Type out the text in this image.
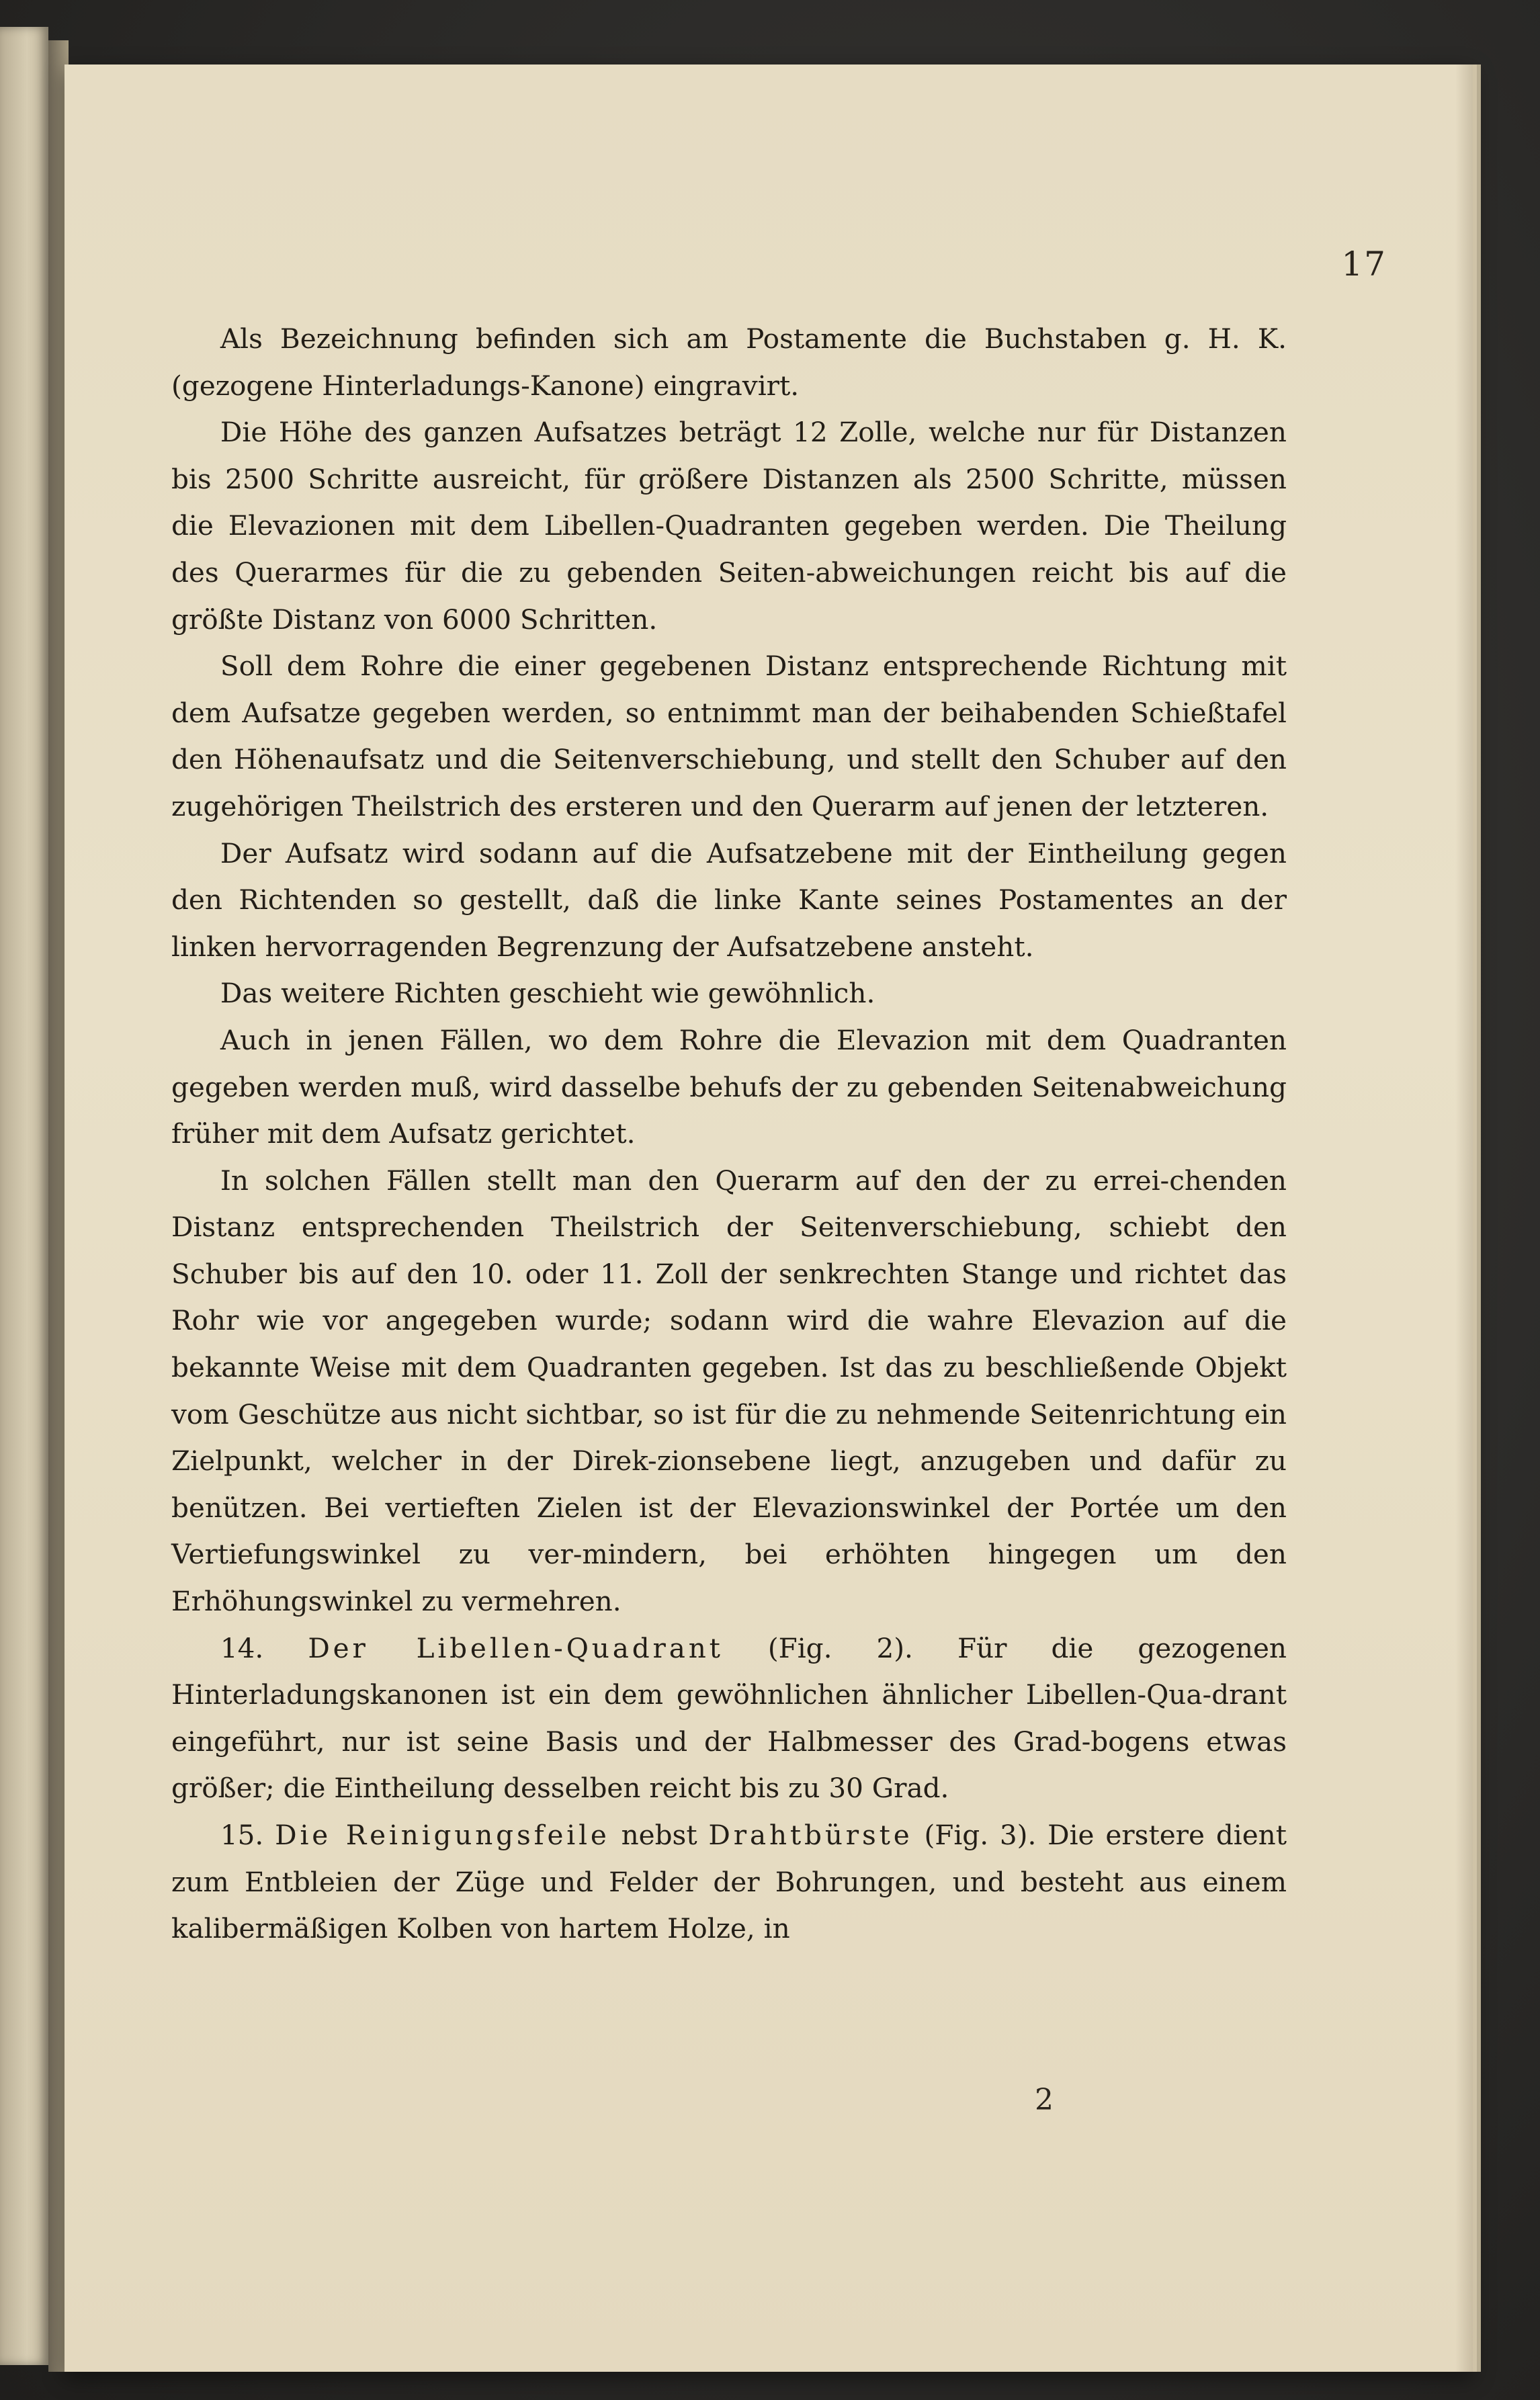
17

Als Bezeichnung befinden sich am Postamente die Buchstaben g. H. K. (gezogene Hinterladungs-Kanone) eingravirt.

Die Höhe des ganzen Aufsatzes beträgt 12 Zolle, welche nur für Distanzen bis 2500 Schritte ausreicht, für größere Distanzen als 2500 Schritte, müssen die Elevazionen mit dem Libellen-Quadranten gegeben werden. Die Theilung des Querarmes für die zu gebenden Seiten-abweichungen reicht bis auf die größte Distanz von 6000 Schritten.

Soll dem Rohre die einer gegebenen Distanz entsprechende Richtung mit dem Aufsatze gegeben werden, so entnimmt man der beihabenden Schießtafel den Höhenaufsatz und die Seitenverschiebung, und stellt den Schuber auf den zugehörigen Theilstrich des ersteren und den Querarm auf jenen der letzteren.

Der Aufsatz wird sodann auf die Aufsatzebene mit der Eintheilung gegen den Richtenden so gestellt, daß die linke Kante seines Postamentes an der linken hervorragenden Begrenzung der Aufsatzebene ansteht.

Das weitere Richten geschieht wie gewöhnlich.

Auch in jenen Fällen, wo dem Rohre die Elevazion mit dem Quadranten gegeben werden muß, wird dasselbe behufs der zu gebenden Seitenabweichung früher mit dem Aufsatz gerichtet.

In solchen Fällen stellt man den Querarm auf den der zu errei-chenden Distanz entsprechenden Theilstrich der Seitenverschiebung, schiebt den Schuber bis auf den 10. oder 11. Zoll der senkrechten Stange und richtet das Rohr wie vor angegeben wurde; sodann wird die wahre Elevazion auf die bekannte Weise mit dem Quadranten gegeben. Ist das zu beschließende Objekt vom Geschütze aus nicht sichtbar, so ist für die zu nehmende Seitenrichtung ein Zielpunkt, welcher in der Direk-zionsebene liegt, anzugeben und dafür zu benützen. Bei vertieften Zielen ist der Elevazionswinkel der Portée um den Vertiefungswinkel zu ver-mindern, bei erhöhten hingegen um den Erhöhungswinkel zu vermehren.

14. Der Libellen-Quadrant (Fig. 2). Für die gezogenen Hinterladungskanonen ist ein dem gewöhnlichen ähnlicher Libellen-Qua-drant eingeführt, nur ist seine Basis und der Halbmesser des Grad-bogens etwas größer; die Eintheilung desselben reicht bis zu 30 Grad.

15. Die Reinigungsfeile nebst Drahtbürste (Fig. 3). Die erstere dient zum Entbleien der Züge und Felder der Bohrungen, und besteht aus einem kalibermäßigen Kolben von hartem Holze, in

2
